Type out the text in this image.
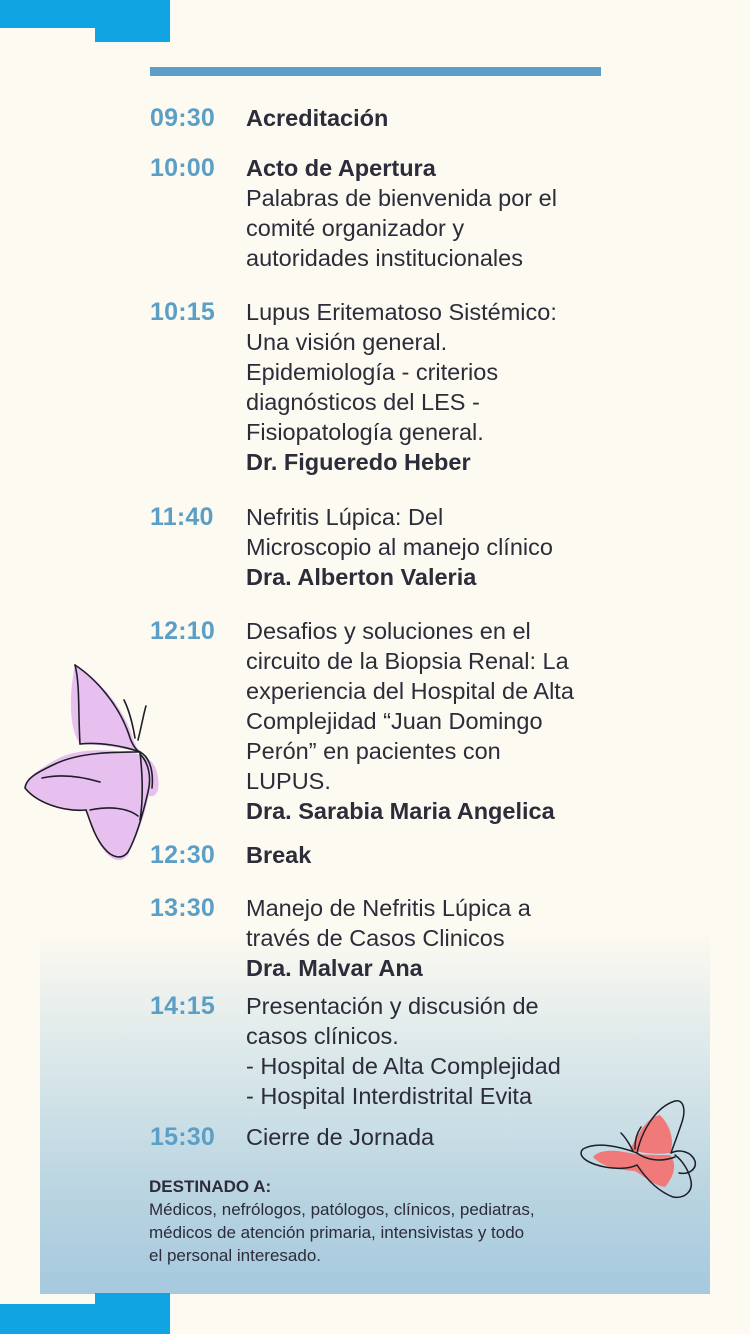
09:30 Acreditación
10:00 Acto de Apertura
Palabras de bienvenida por el
comité organizador y
autoridades institucionales
10:15 Lupus Eritematoso Sistémico:
Una visión general.
Epidemiología - criterios
diagnósticos del LES -
Fisiopatología general.
Dr. Figueredo Heber
11:40 Nefritis Lúpica: Del
Microscopio al manejo clínico
Dra. Alberton Valeria
12:10 Desafios y soluciones en el
circuito de la Biopsia Renal: La
experiencia del Hospital de Alta
Complejidad “Juan Domingo
Perón” en pacientes con
LUPUS.
Dra. Sarabia Maria Angelica
12:30 Break
13:30 Manejo de Nefritis Lúpica a
través de Casos Clinicos
Dra. Malvar Ana
14:15 Presentación y discusión de
casos clínicos.
- Hospital de Alta Complejidad
- Hospital Interdistrital Evita
15:30 Cierre de Jornada
DESTINADO A:
Médicos, nefrólogos, patólogos, clínicos, pediatras,
médicos de atención primaria, intensivistas y todo
el personal interesado.
